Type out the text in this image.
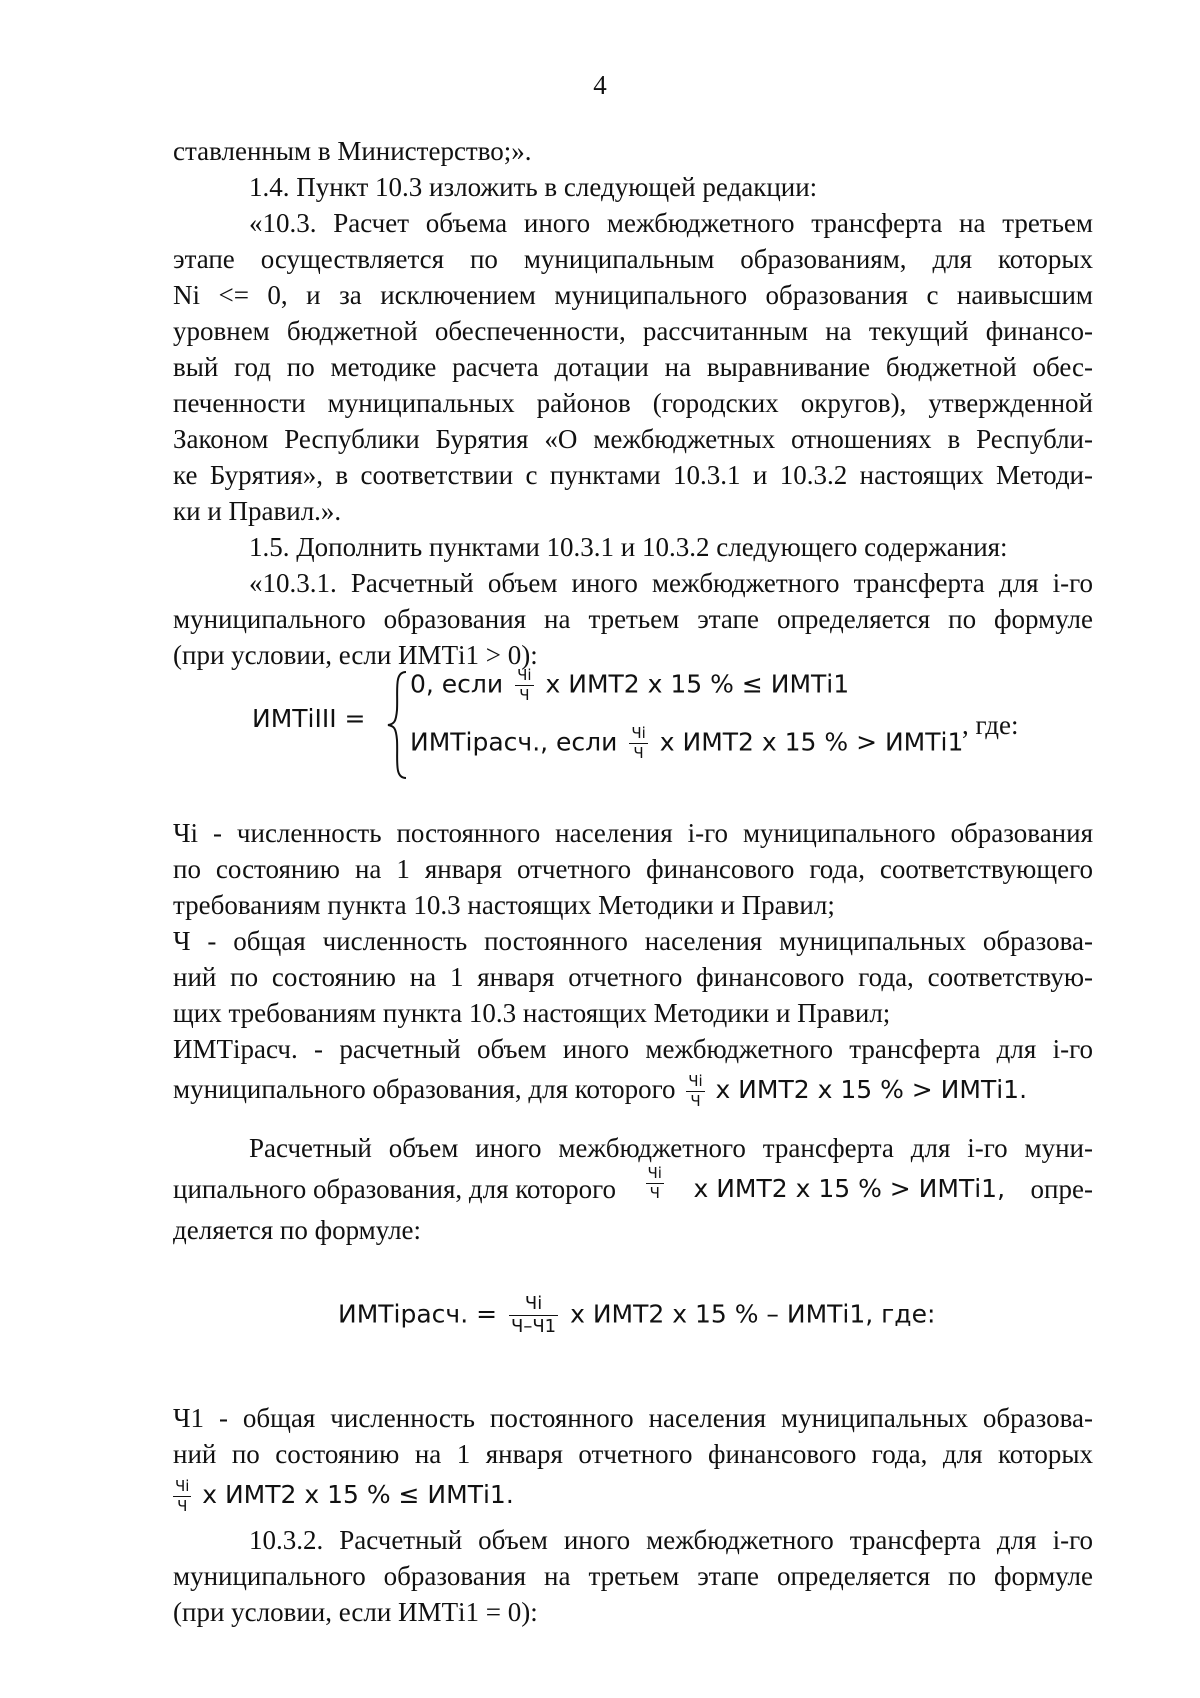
4
ставленным в Министерство;».
1.4. Пункт 10.3 изложить в следующей редакции:
«10.3. Расчет объема иного межбюджетного трансферта на третьем
этапе осуществляется по муниципальным образованиям, для которых
Ni <= 0, и за исключением муниципального образования с наивысшим
уровнем бюджетной обеспеченности, рассчитанным на текущий финансо-
вый год по методике расчета дотации на выравнивание бюджетной обес-
печенности муниципальных районов (городских округов), утвержденной
Законом Республики Бурятия «О межбюджетных отношениях в Республи-
ке Бурятия», в соответствии с пунктами 10.3.1 и 10.3.2 настоящих Методи-
ки и Правил.».
1.5. Дополнить пунктами 10.3.1 и 10.3.2 следующего содержания:
«10.3.1. Расчетный объем иного межбюджетного трансферта для i-го
муниципального образования на третьем этапе определяется по формуле
(при условии, если ИМТi1 > 0):
ИМТiIII =
0, если $\frac{Чi}{Ч}$ х ИМТ2 х 15 % ≤ ИМТi1
ИМТiрасч., если $\frac{Чi}{Ч}$ х ИМТ2 х 15 % > ИМТi1
, где:
Чi - численность постоянного населения i-го муниципального образования
по состоянию на 1 января отчетного финансового года, соответствующего
требованиям пункта 10.3 настоящих Методики и Правил;
Ч - общая численность постоянного населения муниципальных образова-
ний по состоянию на 1 января отчетного финансового года, соответствую-
щих требованиям пункта 10.3 настоящих Методики и Правил;
ИМТiрасч. - расчетный объем иного межбюджетного трансферта для i-го
муниципального образования, для которого $\frac{Чi}{Ч}$ х ИМТ2 х 15 % > ИМТi1.
Расчетный объем иного межбюджетного трансферта для i-го муни-
ципального образования, для которого $\frac{Чi}{Ч}$ х ИМТ2 х 15 % > ИМТi1, опре-
деляется по формуле:
ИМТiрасч. = $\frac{Чi}{Ч-Ч1}$ х ИМТ2 х 15 % – ИМТi1, где:
Ч1 - общая численность постоянного населения муниципальных образова-
ний по состоянию на 1 января отчетного финансового года, для которых
$\frac{Чi}{Ч}$ х ИМТ2 х 15 % ≤ ИМТi1.
10.3.2. Расчетный объем иного межбюджетного трансферта для i-го
муниципального образования на третьем этапе определяется по формуле
(при условии, если ИМТi1 = 0):
